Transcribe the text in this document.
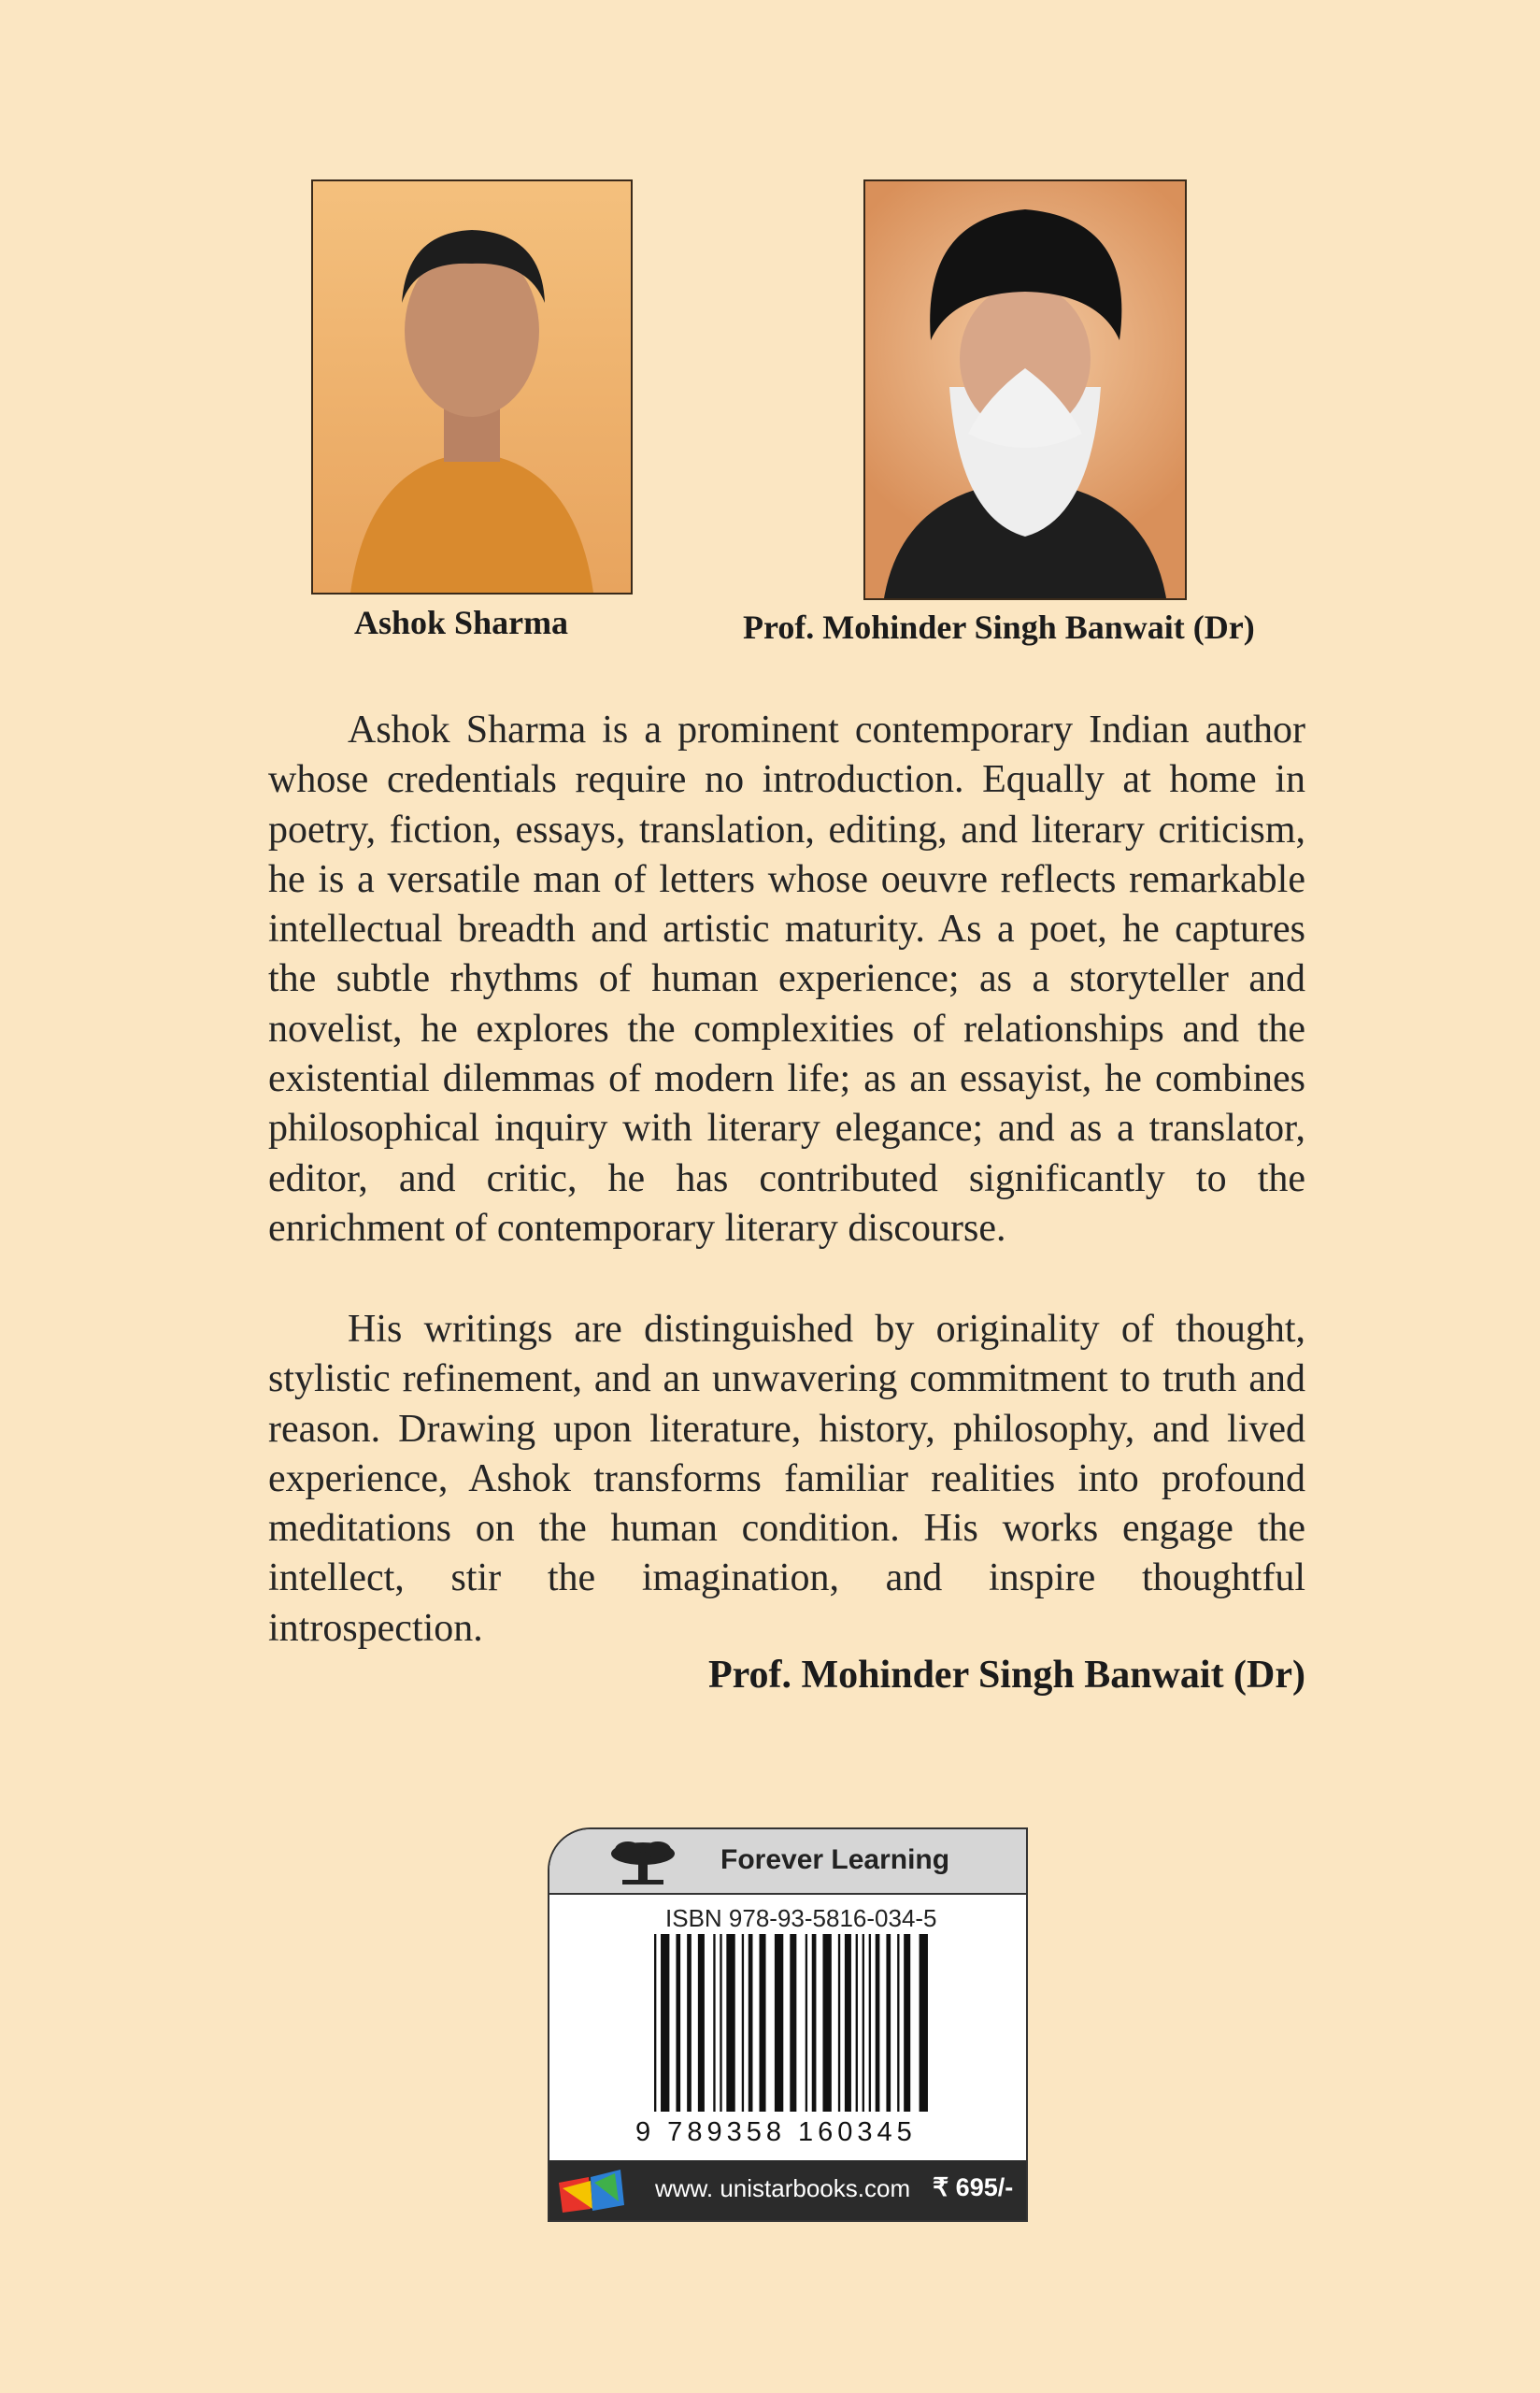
Ashok Sharma	Prof. Mohinder Singh Banwait (Dr)

Ashok Sharma is a prominent contemporary Indian author whose credentials require no introduction. Equally at home in poetry, fiction, essays, translation, editing, and literary criticism, he is a versatile man of letters whose oeuvre reflects remarkable intellectual breadth and artistic maturity. As a poet, he captures the subtle rhythms of human experience; as a storyteller and novelist, he explores the complexities of relationships and the existential dilemmas of modern life; as an essayist, he combines philosophical inquiry with literary elegance; and as a translator, editor, and critic, he has contributed significantly to the enrichment of contemporary literary discourse.

His writings are distinguished by originality of thought, stylistic refinement, and an unwavering commitment to truth and reason. Drawing upon literature, history, philosophy, and lived experience, Ashok transforms familiar realities into profound meditations on the human condition. His works engage the intellect, stir the imagination, and inspire thoughtful introspection.

Prof. Mohinder Singh Banwait (Dr)
Forever Learning
ISBN 978-93-5816-034-5
9 789358 160345
www. unistarbooks.com ₹ 695/-
